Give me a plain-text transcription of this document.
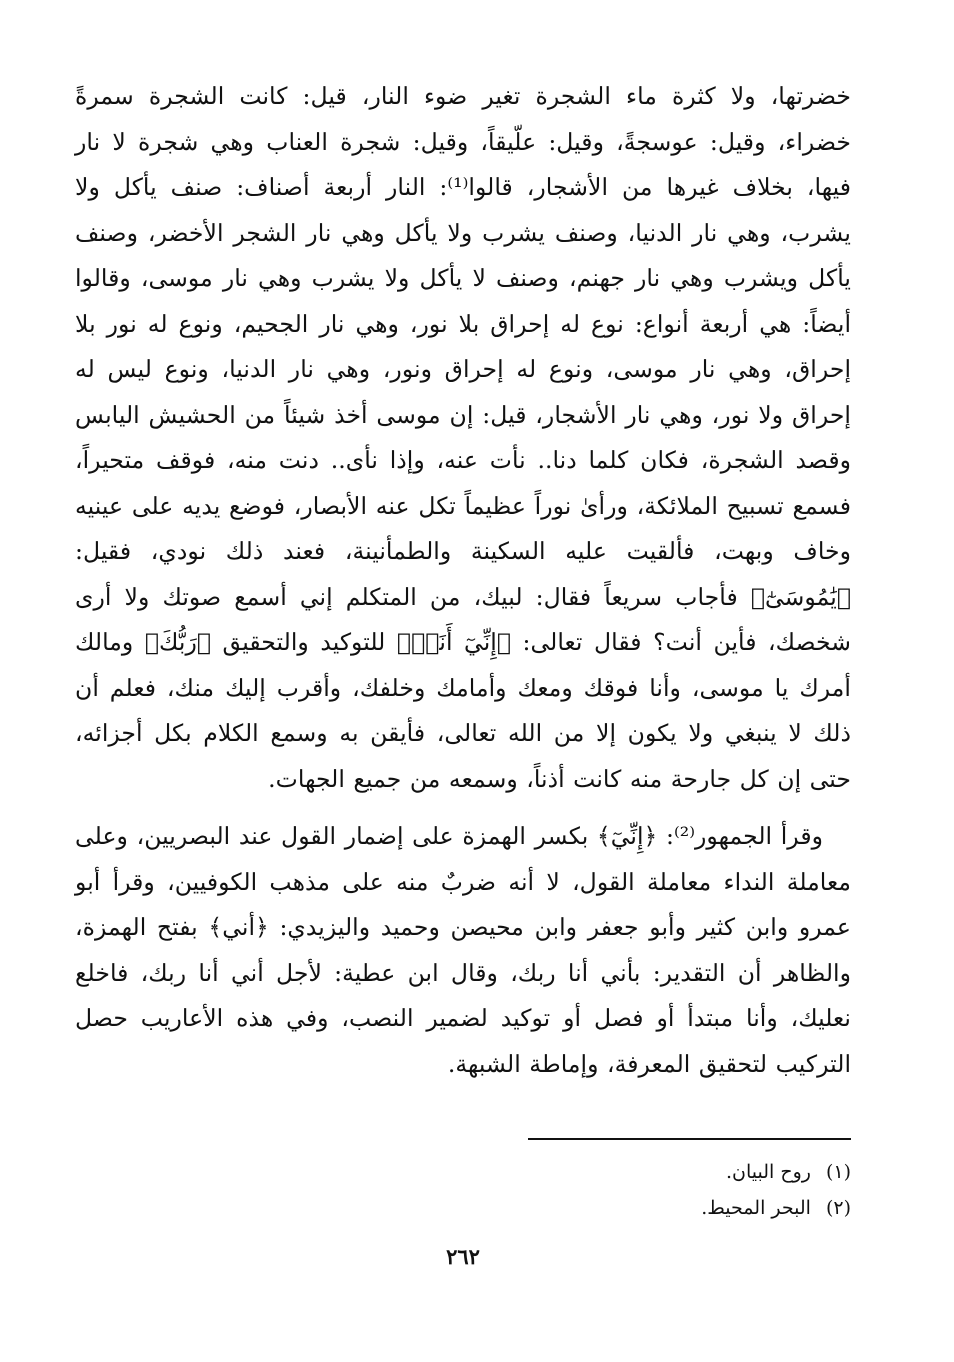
خضرتها، ولا كثرة ماء الشجرة تغير ضوء النار، قيل: كانت الشجرة سمرةً خضراء، وقيل: عوسجةً، وقيل: علّيقاً، وقيل: شجرة العناب وهي شجرة لا نار فيها، بخلاف غيرها من الأشجار، قالوا⁽¹⁾: النار أربعة أصناف: صنف يأكل ولا يشرب، وهي نار الدنيا، وصنف يشرب ولا يأكل وهي نار الشجر الأخضر، وصنف يأكل ويشرب وهي نار جهنم، وصنف لا يأكل ولا يشرب وهي نار موسى، وقالوا أيضاً: هي أربعة أنواع: نوع له إحراق بلا نور، وهي نار الجحيم، ونوع له نور بلا إحراق، وهي نار موسى، ونوع له إحراق ونور، وهي نار الدنيا، ونوع ليس له إحراق ولا نور، وهي نار الأشجار، قيل: إن موسى أخذ شيئاً من الحشيش اليابس وقصد الشجرة، فكان كلما دنا.. نأت عنه، وإذا نأى.. دنت منه، فوقف متحيراً، فسمع تسبيح الملائكة، ورأىٰ نوراً عظيماً تكل عنه الأبصار، فوضع يديه على عينيه وخاف وبهت، فألقيت عليه السكينة والطمأنينة، فعند ذلك نودي، فقيل: ﴿يَٰمُوسَىٰٓ﴾ فأجاب سريعاً فقال: لبيك، من المتكلم إني أسمع صوتك ولا أرى شخصك، فأين أنت؟ فقال تعالى: ﴿إِنِّيٓ أَنَا۠﴾ للتوكيد والتحقيق ﴿رَبُّكَ﴾ ومالك أمرك يا موسى، وأنا فوقك ومعك وأمامك وخلفك، وأقرب إليك منك، فعلم أن ذلك لا ينبغي ولا يكون إلا من الله تعالى، فأيقن به وسمع الكلام بكل أجزائه، حتى إن كل جارحة منه كانت أذناً، وسمعه من جميع الجهات.

وقرأ الجمهور⁽²⁾: ﴿إِنِّيٓ﴾ بكسر الهمزة على إضمار القول عند البصريين، وعلى معاملة النداء معاملة القول، لا أنه ضربٌ منه على مذهب الكوفيين، وقرأ أبو عمرو وابن كثير وأبو جعفر وابن محيصن وحميد واليزيدي: ﴿أني﴾ بفتح الهمزة، والظاهر أن التقدير: بأني أنا ربك، وقال ابن عطية: لأجل أني أنا ربك، فاخلع نعليك، وأنا مبتدأ أو فصل أو توكيد لضمير النصب، وفي هذه الأعاريب حصل التركيب لتحقيق المعرفة، وإماطة الشبهة.

(١) روح البيان.
(٢) البحر المحيط.
٢٦٢
